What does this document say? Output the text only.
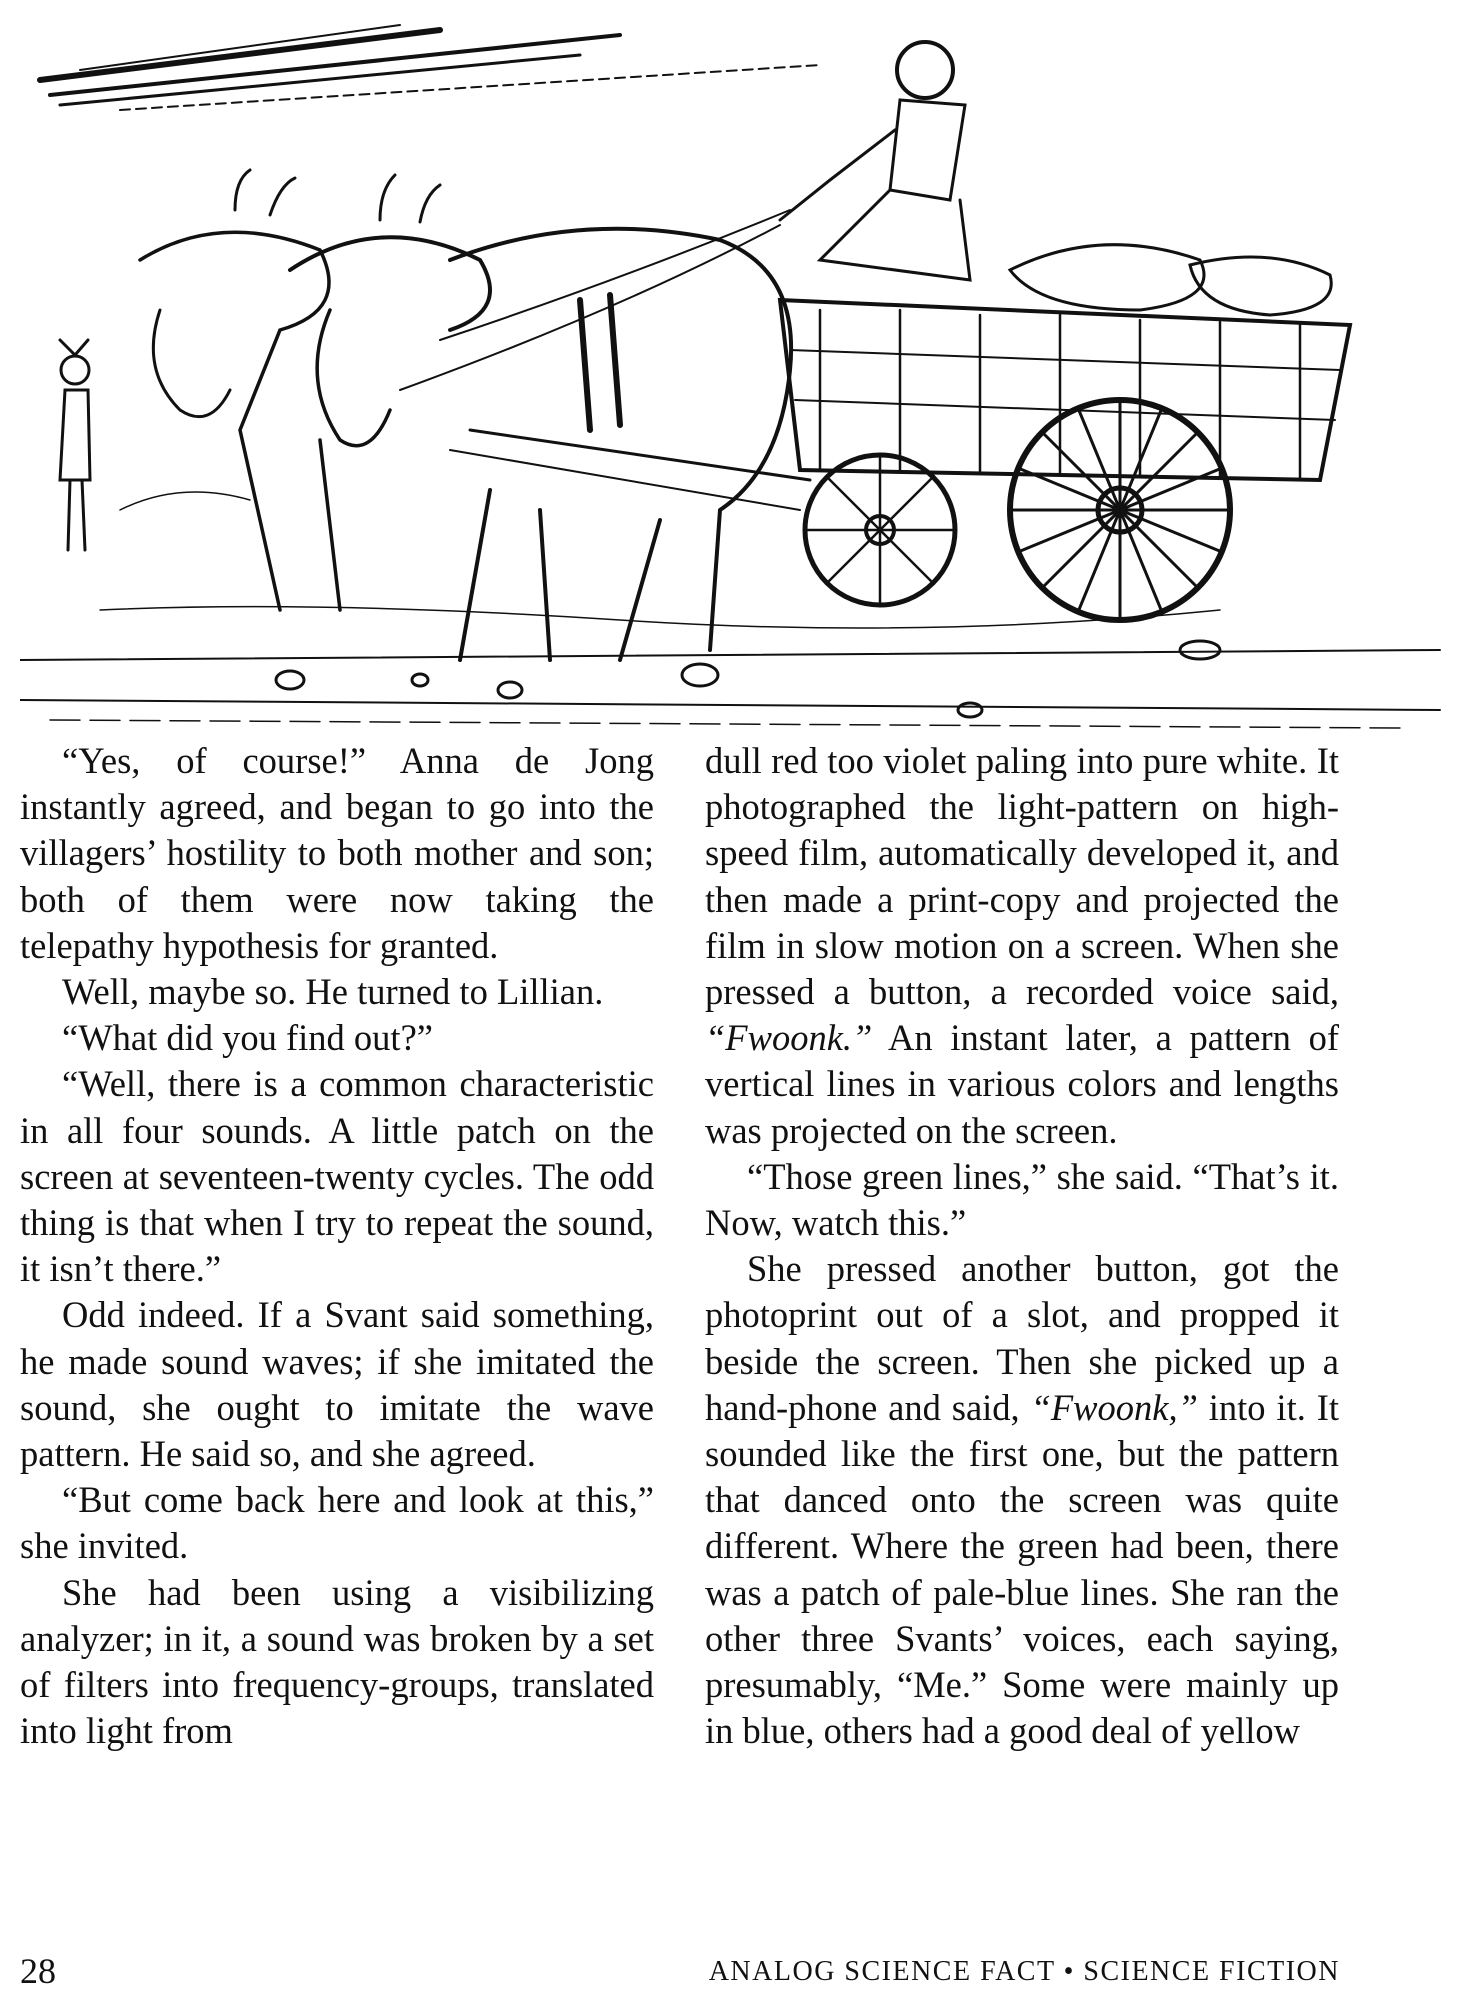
“Yes, of course!” Anna de Jong instantly agreed, and began to go into the villagers’ hostility to both mother and son; both of them were now taking the telepathy hypothesis for granted.

Well, maybe so. He turned to Lillian.

“What did you find out?”

“Well, there is a common characteristic in all four sounds. A little patch on the screen at seventeen-twenty cycles. The odd thing is that when I try to repeat the sound, it isn’t there.”

Odd indeed. If a Svant said something, he made sound waves; if she imitated the sound, she ought to imitate the wave pattern. He said so, and she agreed.

“But come back here and look at this,” she invited.

She had been using a visibilizing analyzer; in it, a sound was broken by a set of filters into frequency-groups, translated into light from

dull red too violet paling into pure white. It photographed the light-pattern on high-speed film, automatically developed it, and then made a print-copy and projected the film in slow motion on a screen. When she pressed a button, a recorded voice said, “Fwoonk.” An instant later, a pattern of vertical lines in various colors and lengths was projected on the screen.

“Those green lines,” she said. “That’s it. Now, watch this.”

She pressed another button, got the photoprint out of a slot, and propped it beside the screen. Then she picked up a hand-phone and said, “Fwoonk,” into it. It sounded like the first one, but the pattern that danced onto the screen was quite different. Where the green had been, there was a patch of pale-blue lines. She ran the other three Svants’ voices, each saying, presumably, “Me.” Some were mainly up in blue, others had a good deal of yellow

28	ANALOG SCIENCE FACT • SCIENCE FICTION
